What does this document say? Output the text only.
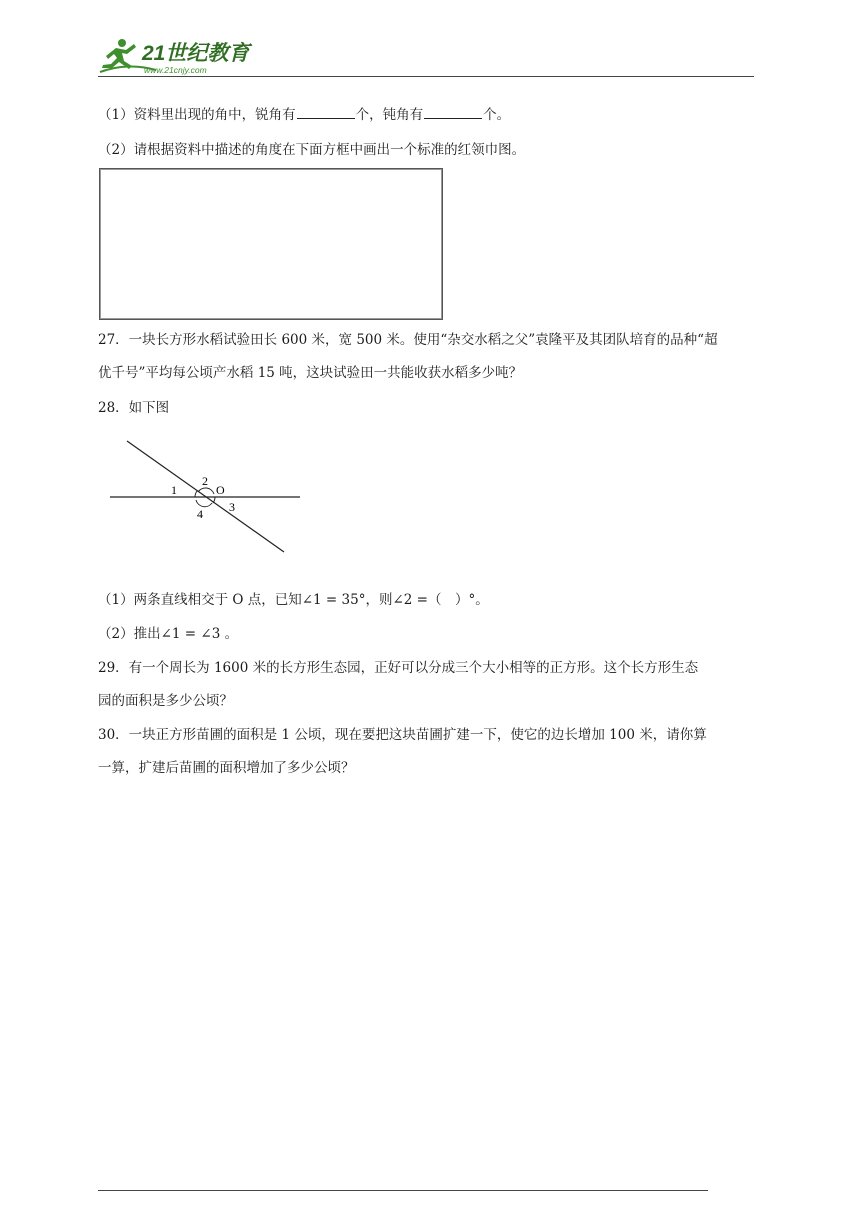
21世纪教育
www.21cnjy.com
（1）资料里出现的角中，锐角有	个，钝角有	个。
（2）请根据资料中描述的角度在下面方框中画出一个标准的红领巾图。
27．一块长方形水稻试验田长 600 米，宽 500 米。使用“杂交水稻之父”袁隆平及其团队培育的品种“超
优千号”平均每公顷产水稻 15 吨，这块试验田一共能收获水稻多少吨？
28．如下图
1
2
3
4
O
（1）两条直线相交于 O 点，已知∠1 = 35°，则∠2 =（　）°。
（2）推出∠1 = ∠3 。
29．有一个周长为 1600 米的长方形生态园，正好可以分成三个大小相等的正方形。这个长方形生态
园的面积是多少公顷？
30．一块正方形苗圃的面积是 1 公顷，现在要把这块苗圃扩建一下，使它的边长增加 100 米，请你算
一算，扩建后苗圃的面积增加了多少公顷？
